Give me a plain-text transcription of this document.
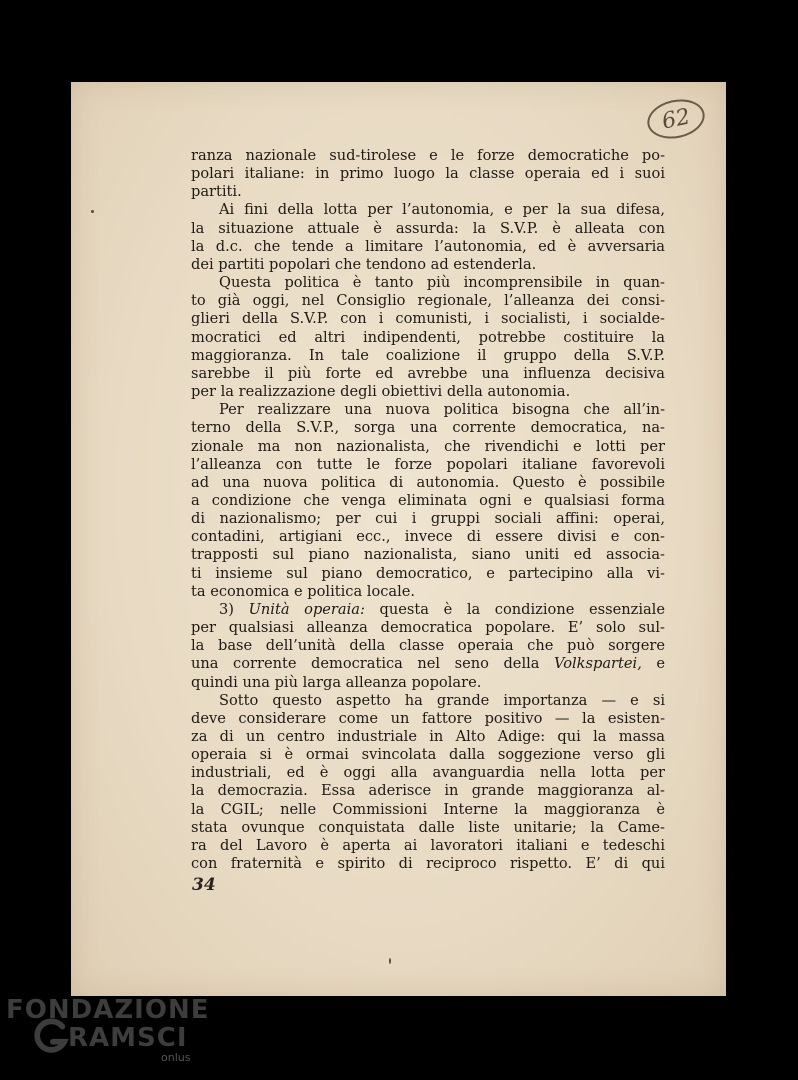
62
ranza nazionale sud-tirolese e le forze democratiche po-
polari italiane: in primo luogo la classe operaia ed i suoi
partiti.
Ai fini della lotta per l’autonomia, e per la sua difesa,
la situazione attuale è assurda: la S.V.P. è alleata con
la d.c. che tende a limitare l’autonomia, ed è avversaria
dei partiti popolari che tendono ad estenderla.
Questa politica è tanto più incomprensibile in quan-
to già oggi, nel Consiglio regionale, l’alleanza dei consi-
glieri della S.V.P. con i comunisti, i socialisti, i socialde-
mocratici ed altri indipendenti, potrebbe costituire la
maggioranza. In tale coalizione il gruppo della S.V.P.
sarebbe il più forte ed avrebbe una influenza decisiva
per la realizzazione degli obiettivi della autonomia.
Per realizzare una nuova politica bisogna che all’in-
terno della S.V.P., sorga una corrente democratica, na-
zionale ma non nazionalista, che rivendichi e lotti per
l’alleanza con tutte le forze popolari italiane favorevoli
ad una nuova politica di autonomia. Questo è possibile
a condizione che venga eliminata ogni e qualsiasi forma
di nazionalismo; per cui i gruppi sociali affini: operai,
contadini, artigiani ecc., invece di essere divisi e con-
trapposti sul piano nazionalista, siano uniti ed associa-
ti insieme sul piano democratico, e partecipino alla vi-
ta economica e politica locale.
3) Unità operaia: questa è la condizione essenziale
per qualsiasi alleanza democratica popolare. E’ solo sul-
la base dell’unità della classe operaia che può sorgere
una corrente democratica nel seno della Volkspartei, e
quindi una più larga alleanza popolare.
Sotto questo aspetto ha grande importanza — e si
deve considerare come un fattore positivo — la esisten-
za di un centro industriale in Alto Adige: qui la massa
operaia si è ormai svincolata dalla soggezione verso gli
industriali, ed è oggi alla avanguardia nella lotta per
la democrazia. Essa aderisce in grande maggioranza al-
la CGIL; nelle Commissioni Interne la maggioranza è
stata ovunque conquistata dalle liste unitarie; la Came-
ra del Lavoro è aperta ai lavoratori italiani e tedeschi
con fraternità e spirito di reciproco rispetto. E’ di qui
34
FONDAZIONE
RAMSCI
onlus
